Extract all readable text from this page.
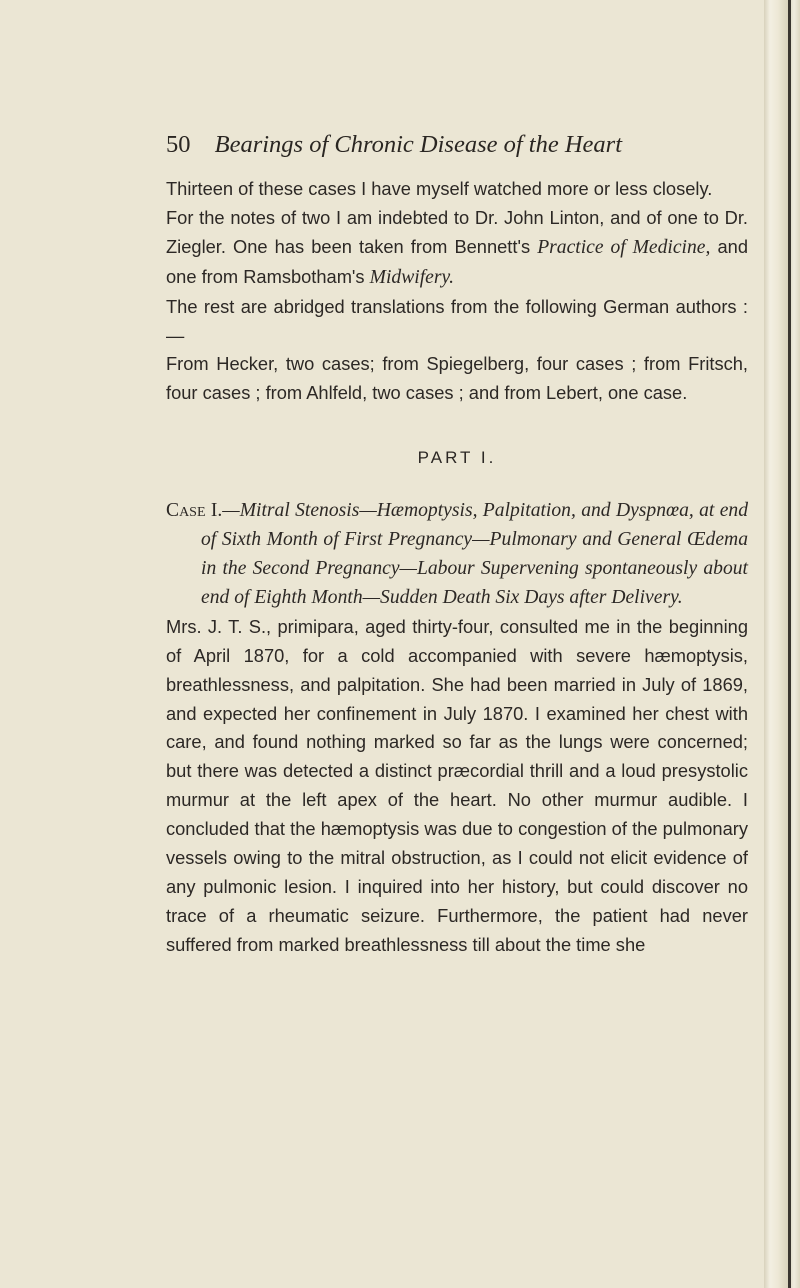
50 Bearings of Chronic Disease of the Heart

Thirteen of these cases I have myself watched more or less closely.

For the notes of two I am indebted to Dr. John Linton, and of one to Dr. Ziegler. One has been taken from Bennett's Practice of Medicine, and one from Ramsbotham's Midwifery.

The rest are abridged translations from the following German authors :—

From Hecker, two cases; from Spiegelberg, four cases ; from Fritsch, four cases ; from Ahlfeld, two cases ; and from Lebert, one case.

PART I.

Case I.—Mitral Stenosis—Hæmoptysis, Palpitation, and Dyspnœa, at end of Sixth Month of First Pregnancy—Pulmonary and General Œdema in the Second Pregnancy—Labour Supervening spontaneously about end of Eighth Month—Sudden Death Six Days after Delivery.

Mrs. J. T. S., primipara, aged thirty-four, consulted me in the beginning of April 1870, for a cold accompanied with severe hæmoptysis, breathlessness, and palpitation. She had been married in July of 1869, and expected her confinement in July 1870. I examined her chest with care, and found nothing marked so far as the lungs were concerned; but there was detected a distinct præcordial thrill and a loud presystolic murmur at the left apex of the heart. No other murmur audible. I concluded that the hæmoptysis was due to congestion of the pulmonary vessels owing to the mitral obstruction, as I could not elicit evidence of any pulmonic lesion. I inquired into her history, but could discover no trace of a rheumatic seizure. Furthermore, the patient had never suffered from marked breathlessness till about the time she
